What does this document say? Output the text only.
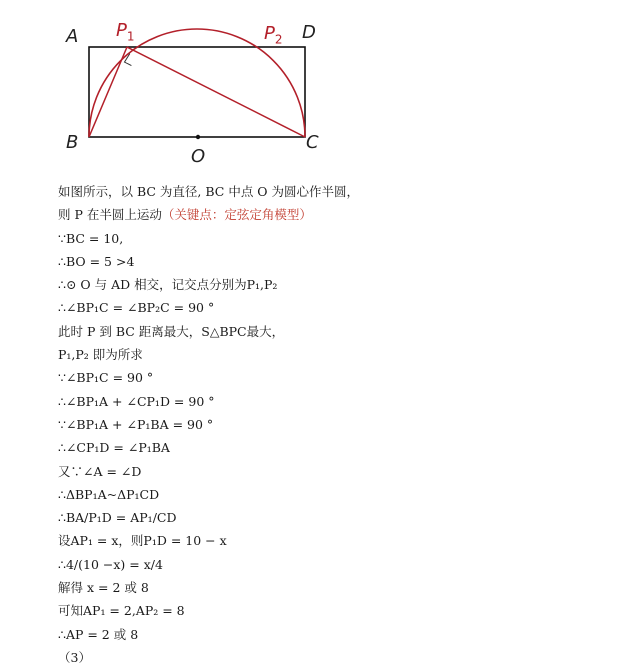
A	D
B	C
O
$P_1$	$P_2$
如图所示，以 BC 为直径, BC 中点 O 为圆心作半圆，
则 P 在半圆上运动（关键点：定弦定角模型）
∵BC = 10,
∴BO = 5 >4
∴⊙ O 与 AD 相交，记交点分别为P₁,P₂
∴∠BP₁C = ∠BP₂C = 90 °
此时 P 到 BC 距离最大，S△BPC最大，
P₁,P₂ 即为所求
∵∠BP₁C = 90 °
∴∠BP₁A + ∠CP₁D = 90 °
∵∠BP₁A + ∠P₁BA = 90 °
∴∠CP₁D = ∠P₁BA
又∵∠A = ∠D
∴ΔBP₁A~ΔP₁CD
∴BA/P₁D = AP₁/CD
设AP₁ = x，则P₁D = 10 − x
∴4/(10 −x) = x/4
解得 x = 2 或 8
可知AP₁ = 2,AP₂ = 8
∴AP = 2 或 8
（3）
